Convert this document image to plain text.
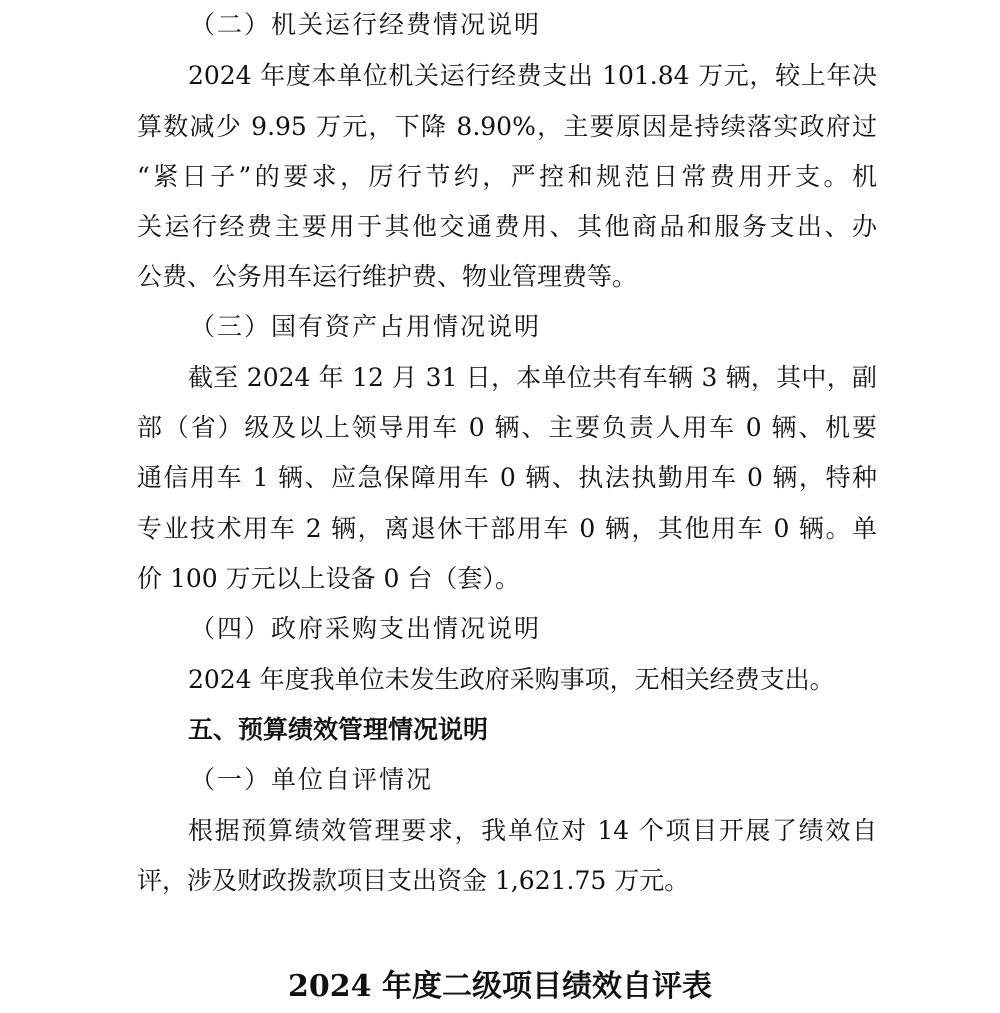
（二）机关运行经费情况说明
2024 年度本单位机关运行经费支出 101.84 万元，较上年决
算数减少 9.95 万元，下降 8.90%，主要原因是持续落实政府过
“紧日子”的要求，厉行节约，严控和规范日常费用开支。机
关运行经费主要用于其他交通费用、其他商品和服务支出、办
公费、公务用车运行维护费、物业管理费等。
（三）国有资产占用情况说明
截至 2024 年 12 月 31 日，本单位共有车辆 3 辆，其中，副
部（省）级及以上领导用车 0 辆、主要负责人用车 0 辆、机要
通信用车 1 辆、应急保障用车 0 辆、执法执勤用车 0 辆，特种
专业技术用车 2 辆，离退休干部用车 0 辆，其他用车 0 辆。单
价 100 万元以上设备 0 台（套）。
（四）政府采购支出情况说明
2024 年度我单位未发生政府采购事项，无相关经费支出。
五、预算绩效管理情况说明
（一）单位自评情况
根据预算绩效管理要求，我单位对 14 个项目开展了绩效自
评，涉及财政拨款项目支出资金 1,621.75 万元。
2024 年度二级项目绩效自评表
